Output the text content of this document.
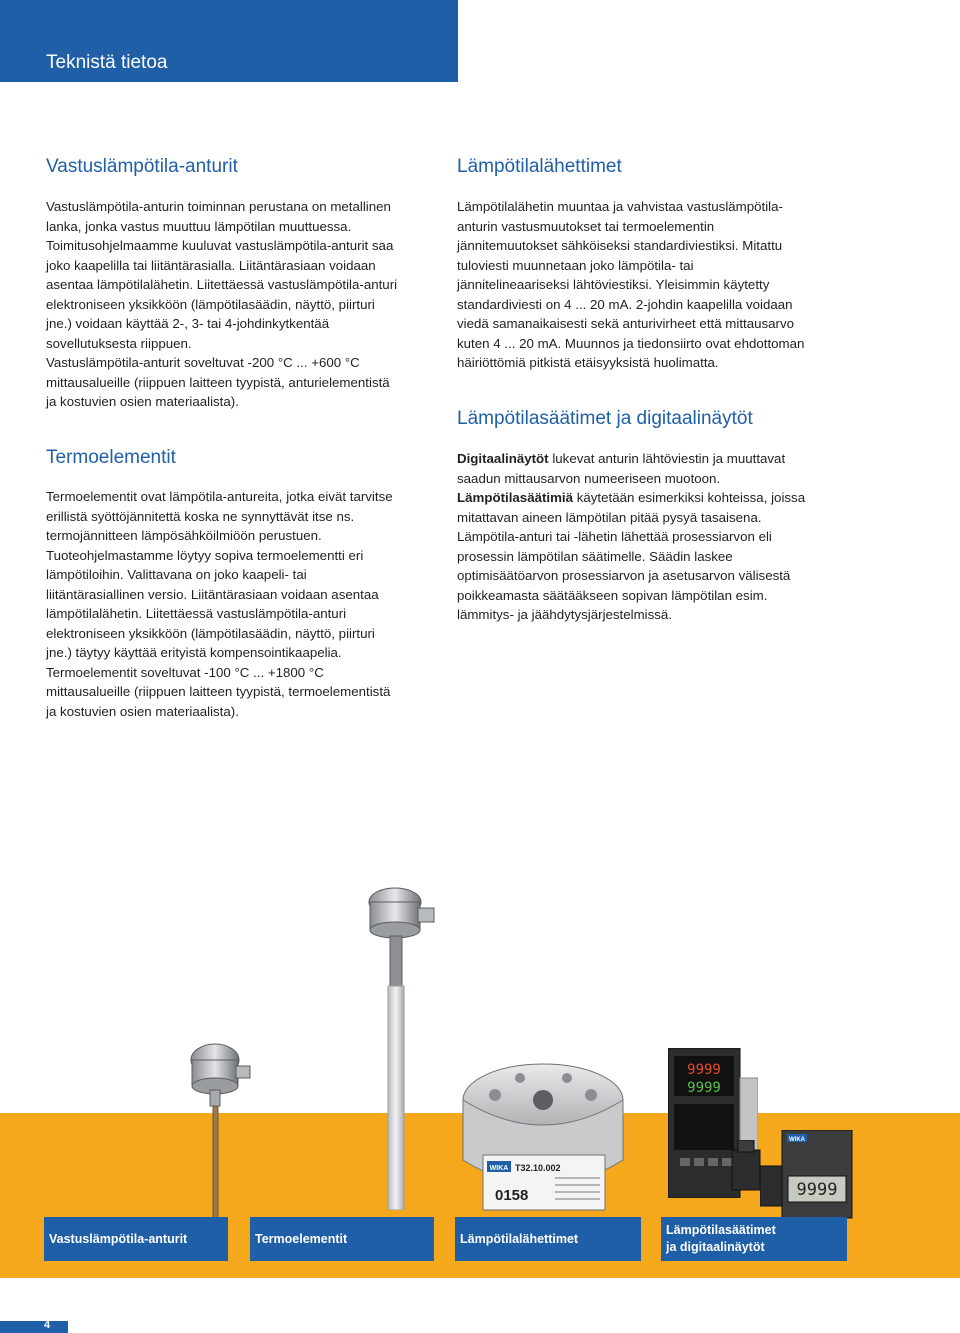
Teknistä tietoa
Vastuslämpötila-anturit

Vastuslämpötila-anturin toiminnan perustana on metallinen

lanka, jonka vastus muuttuu lämpötilan muuttuessa.

Toimitusohjelmaamme kuuluvat vastuslämpötila-anturit saa

joko kaapelilla tai liitäntärasialla. Liitäntärasiaan voidaan

asentaa lämpötilalähetin. Liitettäessä vastuslämpötila-anturi

elektroniseen yksikköön (lämpötilasäädin, näyttö, piirturi

jne.) voidaan käyttää 2-, 3- tai 4-johdinkytkentää

sovellutuksesta riippuen.

Vastuslämpötila-anturit soveltuvat -200 °C ... +600 °C

mittausalueille (riippuen laitteen tyypistä, anturielementistä

ja kostuvien osien materiaalista).

Termoelementit

Termoelementit ovat lämpötila-antureita, jotka eivät tarvitse

erillistä syöttöjännitettä koska ne synnyttävät itse ns.

termojännitteen lämpösähköilmiöön perustuen.

Tuoteohjelmastamme löytyy sopiva termoelementti eri

lämpötiloihin. Valittavana on joko kaapeli- tai

liitäntärasiallinen versio. Liitäntärasiaan voidaan asentaa

lämpötilalähetin. Liitettäessä vastuslämpötila-anturi

elektroniseen yksikköön (lämpötilasäädin, näyttö, piirturi

jne.) täytyy käyttää erityistä kompensointikaapelia.

Termoelementit soveltuvat -100 °C ... +1800 °C

mittausalueille (riippuen laitteen tyypistä, termoelementistä

ja kostuvien osien materiaalista).

Lämpötilalähettimet

Lämpötilalähetin muuntaa ja vahvistaa vastuslämpötila-

anturin vastusmuutokset tai termoelementin

jännitemuutokset sähköiseksi standardiviestiksi. Mitattu

tuloviesti muunnetaan joko lämpötila- tai

jännitelineaariseksi lähtöviestiksi. Yleisimmin käytetty

standardiviesti on 4 ... 20 mA. 2-johdin kaapelilla voidaan

viedä samanaikaisesti sekä anturivirheet että mittausarvo

kuten 4 ... 20 mA. Muunnos ja tiedonsiirto ovat ehdottoman

häiriöttömiä pitkistä etäisyyksistä huolimatta.

Lämpötilasäätimet ja digitaalinäytöt

Digitaalinäytöt lukevat anturin lähtöviestin ja muuttavat

saadun mittausarvon numeeriseen muotoon.

Lämpötilasäätimiä käytetään esimerkiksi kohteissa, joissa

mitattavan aineen lämpötilan pitää pysyä tasaisena.

Lämpötila-anturi tai -lähetin lähettää prosessiarvon eli

prosessin lämpötilan säätimelle. Säädin laskee

optimisäätöarvon prosessiarvon ja asetusarvon välisestä

poikkeamasta säätääkseen sopivan lämpötilan esim.

lämmitys- ja jäähdytysjärjestelmissä.

WIKA T32.10.002
0158
9999
9999
WIKA
9999
Vastuslämpötila-anturit	Termoelementit	Lämpötilalähettimet
Lämpötilasäätimet
ja digitaalinäytöt
4
